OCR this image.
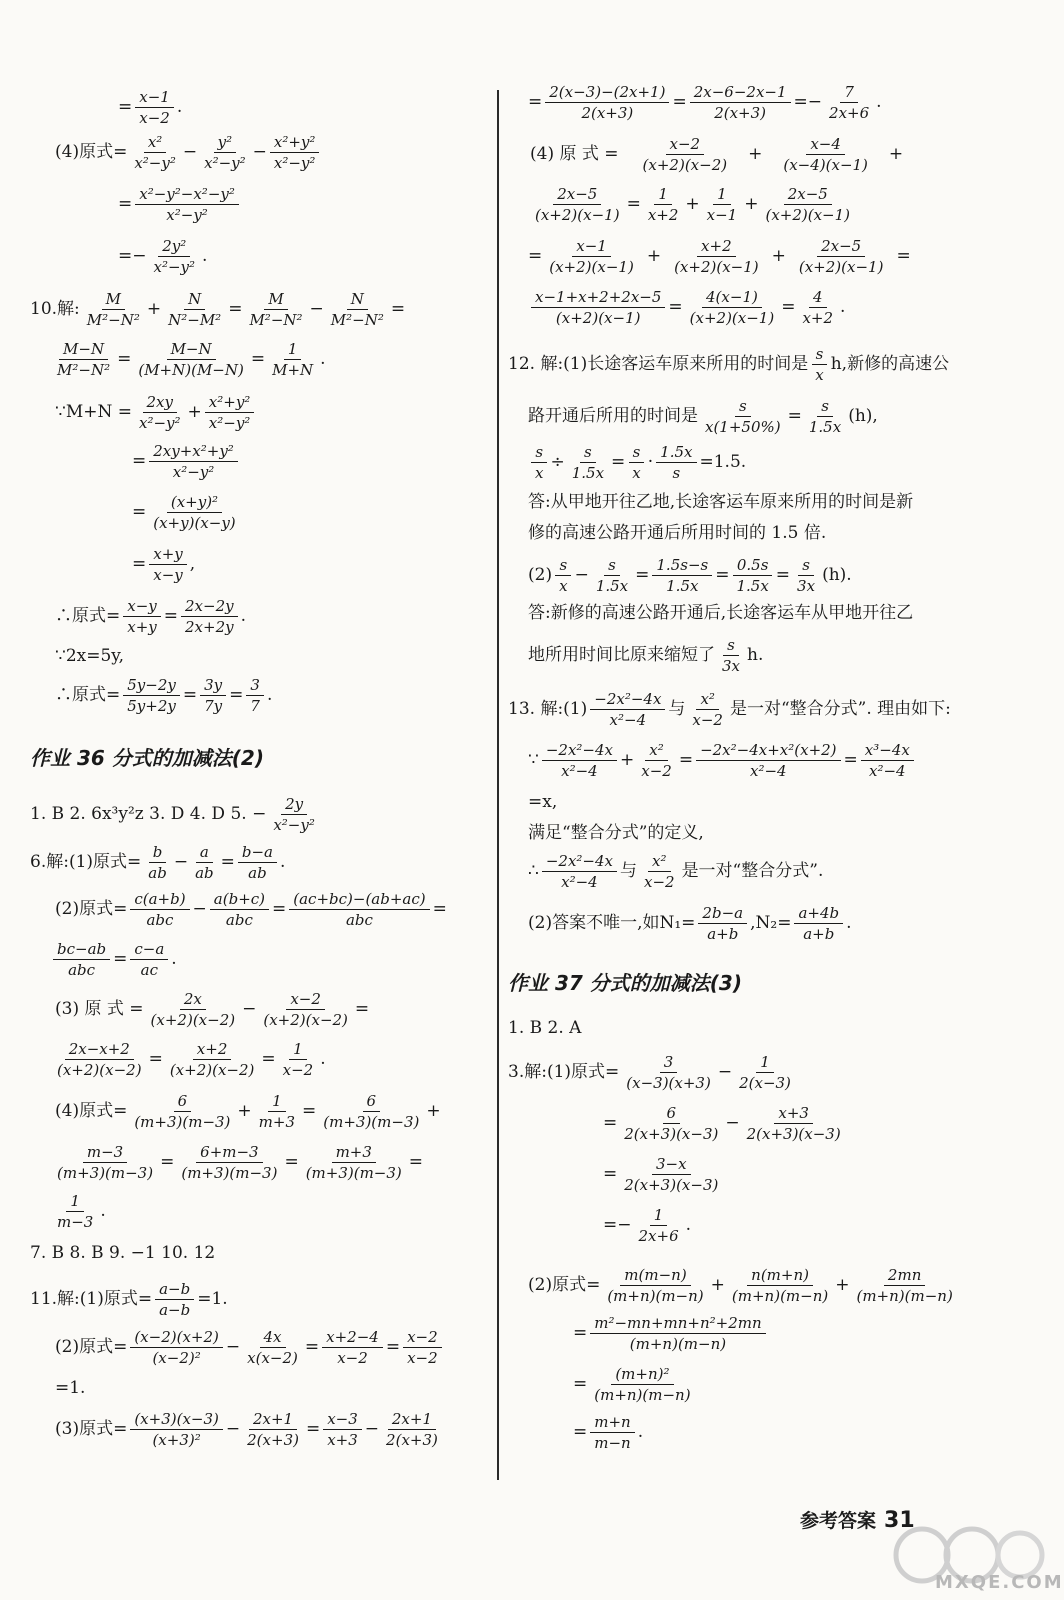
= $\frac{x-1}{x-2}$ .
(4)原式= $\frac{\text{x²}}{\text{x²−y²}} - \frac{\text{y²}}{\text{x²−y²}} - \frac{\text{x²+y²}}{\text{x²−y²}}$
= $\frac{\text{x²−y²−x²−y²}}{\text{x²−y²}}$
=− $\frac{\text{2y²}}{\text{x²−y²}}$ .
10.解: $\frac{M}{\text{M²−N²}} + \frac{N}{\text{N²−M²}} = \frac{M}{\text{M²−N²}} - \frac{N}{\text{M²−N²}}$ =
$\frac{M-N}{\text{M²−N²}} = \frac{M-N}{(M+N)(M-N)} = \frac{1}{M+N}$ .
∵M+N = $\frac{2xy}{\text{x²−y²}} + \frac{\text{x²+y²}}{\text{x²−y²}}$
= $\frac{\text{2xy+x²+y²}}{\text{x²−y²}}$
= $\frac{\text{(x+y)²}}{(x+y)(x-y)}$
= $\frac{x+y}{x-y}$ ,
∴原式= $\frac{x-y}{x+y} = \frac{2x-2y}{2x+2y}$ .
∵2x=5y,
∴原式= $\frac{5y-2y}{5y+2y} = \frac{3y}{7y} = \frac{3}{7}$ .
作业 36 分式的加减法(2)
1. B 2. 6x³y²z 3. D 4. D 5. − $\frac{2y}{\text{x²−y²}}$
6.解:(1)原式= $\frac{b}{ab} - \frac{a}{ab} = \frac{b-a}{ab}$ .
(2)原式= $\frac{c(a+b)}{\text{abc}} - \frac{a(b+c)}{\text{abc}} = \frac{(ac+bc)-(ab+ac)}{\text{abc}}$ =
$\frac{bc-ab}{\text{abc}} = \frac{c-a}{ac}$ .
(3) 原 式 = $\frac{2x}{(x+2)(x-2)} - \frac{x-2}{(x+2)(x-2)}$ =
$\frac{2x-x+2}{(x+2)(x-2)} = \frac{x+2}{(x+2)(x-2)} = \frac{1}{x-2}$ .
(4)原式= $\frac{6}{(m+3)(m-3)} + \frac{1}{m+3} = \frac{6}{(m+3)(m-3)}$ +
$\frac{m-3}{(m+3)(m-3)} = \frac{6+m-3}{(m+3)(m-3)} = \frac{m+3}{(m+3)(m-3)}$ =
$\frac{1}{m-3}$ .
7. B 8. B 9. −1 10. 12
11.解:(1)原式= $\frac{a-b}{a-b} =1$.
(2)原式= $\frac{(x-2)(x+2)}{\text{(x−2)²}} - \frac{4x}{x(x-2)} = \frac{x+2-4}{x-2} = \frac{x-2}{x-2}$
=1.
(3)原式= $\frac{(x+3)(x-3)}{\text{(x+3)²}} - \frac{2x+1}{2(x+3)} = \frac{x-3}{x+3} - \frac{2x+1}{2(x+3)}$
= $\frac{2(x-3)-(2x+1)}{2(x+3)} = \frac{2x-6-2x-1}{2(x+3)} =- \frac{7}{2x+6}$ .
(4) 原 式 = $\frac{x-2}{(x+2)(x-2)} + \frac{x-4}{(x-4)(x-1)}$ +
$\frac{2x-5}{(x+2)(x-1)} = \frac{1}{x+2} + \frac{1}{x-1} + \frac{2x-5}{(x+2)(x-1)}$
= $\frac{x-1}{(x+2)(x-1)} + \frac{x+2}{(x+2)(x-1)} + \frac{2x-5}{(x+2)(x-1)}$ =
$\frac{x-1+x+2+2x-5}{(x+2)(x-1)} = \frac{4(x-1)}{(x+2)(x-1)} = \frac{4}{x+2}$ .
12. 解:(1)长途客运车原来所用的时间是 $\frac{s}{x} h$,新修的高速公
路开通后所用的时间是 $\frac{s}{x(1+50\%)} = \frac{s}{1.5x} (h)$,
$\frac{s}{x} \div \frac{s}{1.5x} = \frac{s}{x} \cdot \frac{1.5x}{s} =1.5$.
答:从甲地开往乙地,长途客运车原来所用的时间是新
修的高速公路开通后所用时间的 1.5 倍.
$(2) \frac{s}{x} - \frac{s}{1.5x} = \frac{1.5s-s}{1.5x} = \frac{0.5s}{1.5x} = \frac{s}{3x} (h)$.
答:新修的高速公路开通后,长途客运车从甲地开往乙
地所用时间比原来缩短了 $\frac{s}{3x} h$.
13. 解:(1) $\frac{\text{−2x²−4x}}{\text{x²−4}}$ 与 $\frac{\text{x²}}{x-2}$ 是一对“整合分式”. 理由如下:
∵ $\frac{\text{−2x²−4x}}{\text{x²−4}} + \frac{\text{x²}}{x-2} = \frac{\text{−2x²−4x+x²(x+2)}}{\text{x²−4}} = \frac{\text{x³−4x}}{\text{x²−4}}$
=x,
满足“整合分式”的定义,
∴ $\frac{\text{−2x²−4x}}{\text{x²−4}}$ 与 $\frac{\text{x²}}{x-2}$ 是一对“整合分式”.
(2)答案不唯一,如$N_1= \frac{2b-a}{a+b} ,N_2= \frac{a+4b}{a+b}$ .
作业 37 分式的加减法(3)
1. B 2. A
3.解:(1)原式= $\frac{3}{(x-3)(x+3)} - \frac{1}{2(x-3)}$
= $\frac{6}{2(x+3)(x-3)} - \frac{x+3}{2(x+3)(x-3)}$
= $\frac{3-x}{2(x+3)(x-3)}$
=− $\frac{1}{2x+6}$ .
(2)原式= $\frac{m(m-n)}{(m+n)(m-n)} + \frac{n(m+n)}{(m+n)(m-n)} + \frac{2mn}{(m+n)(m-n)}$
= $\frac{\text{m²−mn+mn+n²+2mn}}{(m+n)(m-n)}$
= $\frac{\text{(m+n)²}}{(m+n)(m-n)}$
= $\frac{m+n}{m-n}$ .
参考答案 31
MXQE.COM
